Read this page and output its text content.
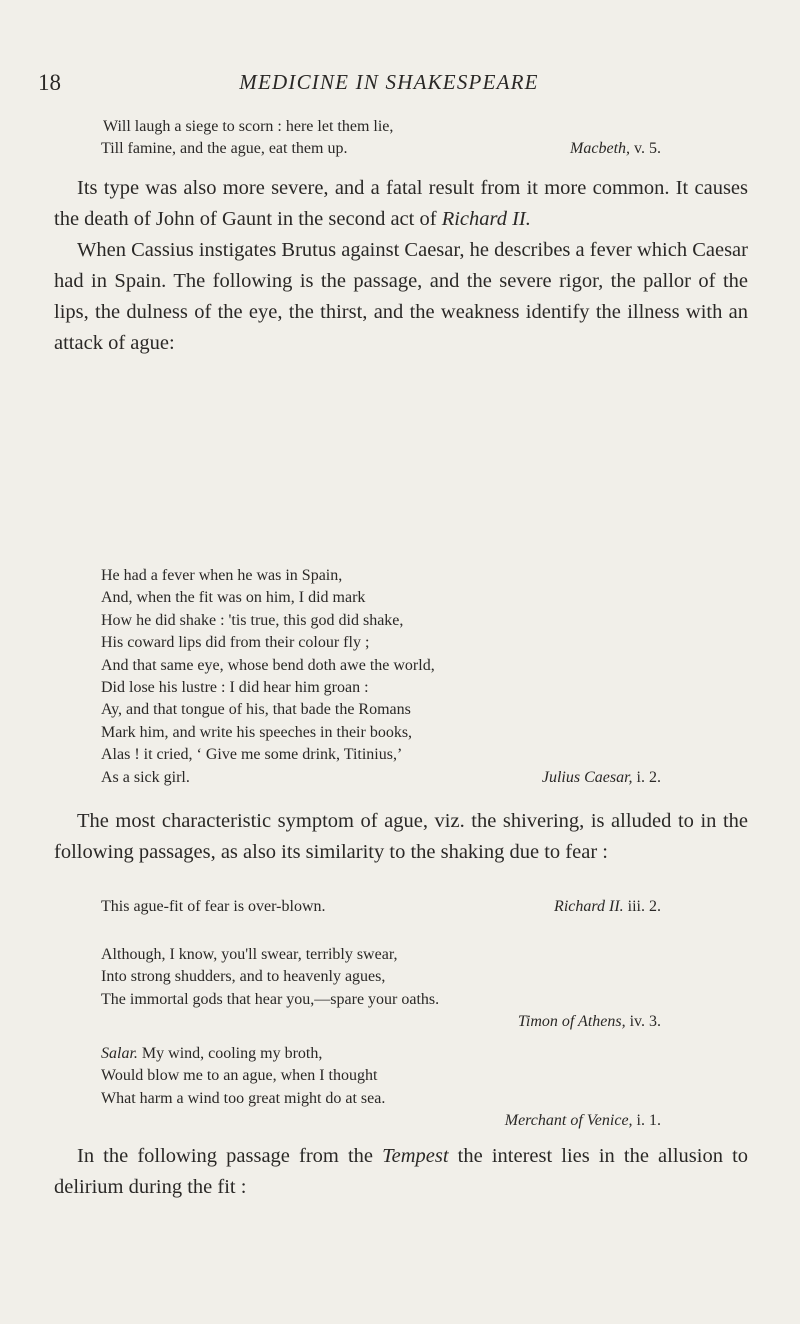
18	MEDICINE IN SHAKESPEARE
Will laugh a siege to scorn : here let them lie,
Till famine, and the ague, eat them up.	Macbeth, v. 5.
Its type was also more severe, and a fatal result from it more common. It causes the death of John of Gaunt in the second act of Richard II.
When Cassius instigates Brutus against Caesar, he describes a fever which Caesar had in Spain. The following is the passage, and the severe rigor, the pallor of the lips, the dulness of the eye, the thirst, and the weakness identify the illness with an attack of ague:
He had a fever when he was in Spain,
And, when the fit was on him, I did mark
How he did shake : 'tis true, this god did shake,
His coward lips did from their colour fly ;
And that same eye, whose bend doth awe the world,
Did lose his lustre : I did hear him groan :
Ay, and that tongue of his, that bade the Romans
Mark him, and write his speeches in their books,
Alas ! it cried, ‘ Give me some drink, Titinius,’
As a sick girl.	Julius Caesar, i. 2.
The most characteristic symptom of ague, viz. the shivering, is alluded to in the following passages, as also its similarity to the shaking due to fear :
This ague-fit of fear is over-blown.	Richard II. iii. 2.
Although, I know, you'll swear, terribly swear,
Into strong shudders, and to heavenly agues,
The immortal gods that hear you,—spare your oaths.
Timon of Athens, iv. 3.
Salar. My wind, cooling my broth,
Would blow me to an ague, when I thought
What harm a wind too great might do at sea.
Merchant of Venice, i. 1.
In the following passage from the Tempest the interest lies in the allusion to delirium during the fit :
